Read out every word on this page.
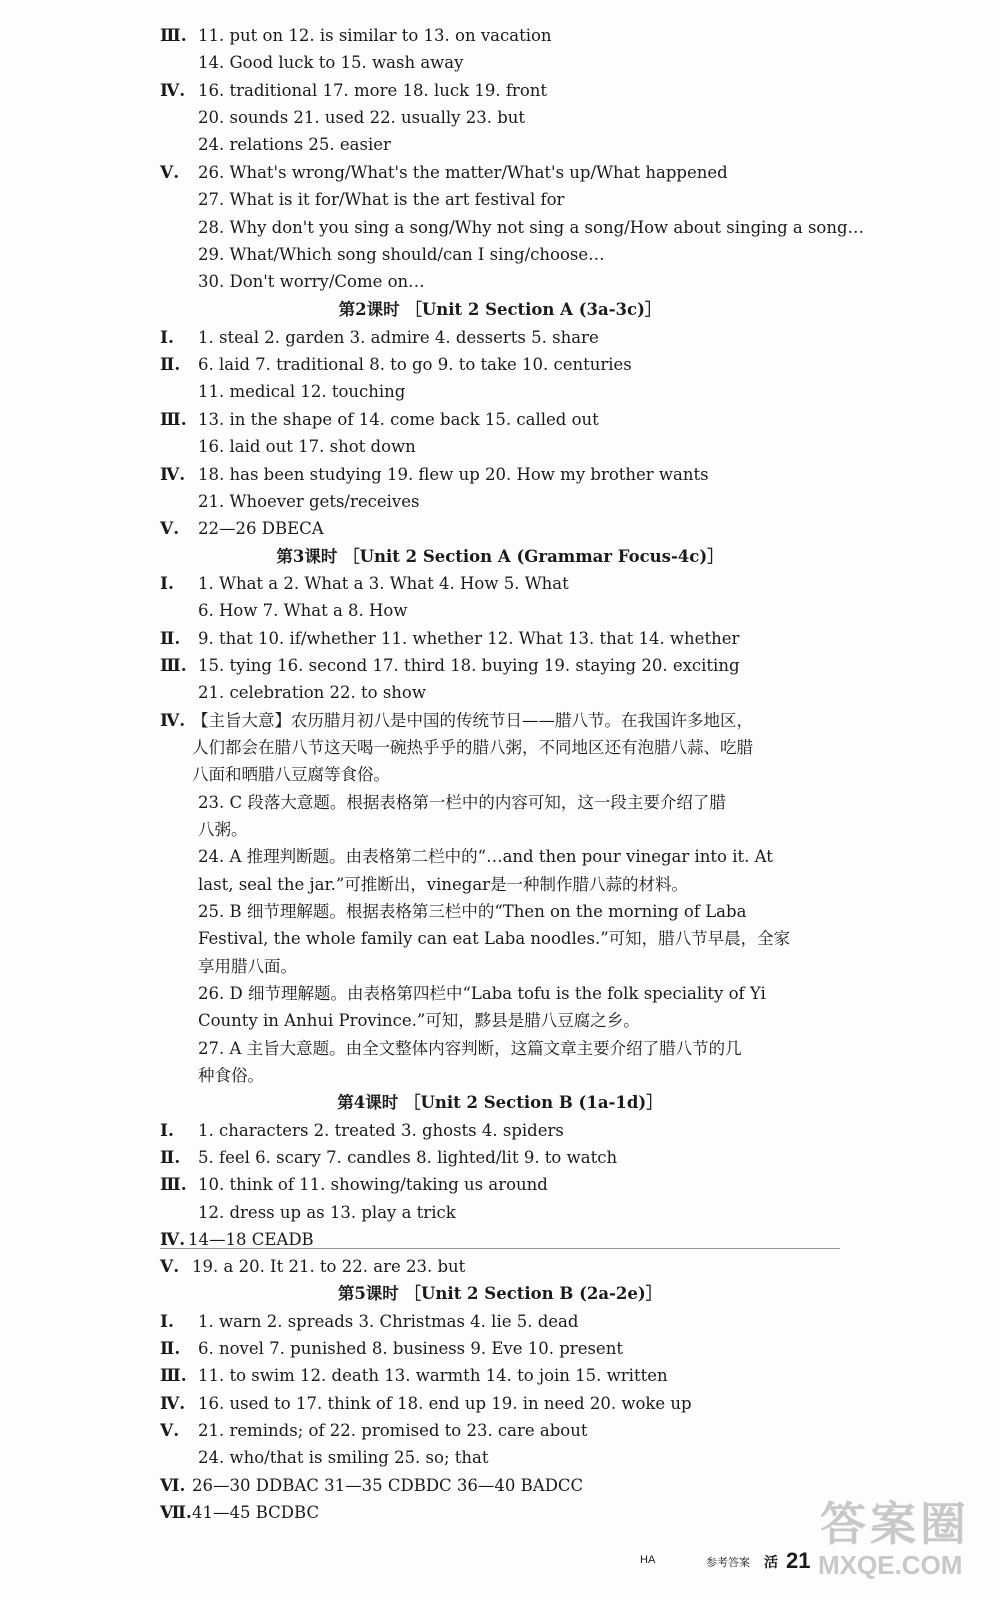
Ⅲ. 11. put on 12. is similar to 13. on vacation
14. Good luck to 15. wash away
Ⅳ. 16. traditional 17. more 18. luck 19. front
20. sounds 21. used 22. usually 23. but
24. relations 25. easier
Ⅴ.	26. What's wrong/What's the matter/What's up/What happened
27. What is it for/What is the art festival for
28. Why don't you sing a song/Why not sing a song/How about singing a song…
29. What/Which song should/can I sing/choose…
30. Don't worry/Come on…
第2课时 ［Unit 2 Section A (3a-3c)］
Ⅰ.	1. steal 2. garden 3. admire 4. desserts 5. share
Ⅱ.	6. laid 7. traditional 8. to go 9. to take 10. centuries
11. medical 12. touching
Ⅲ. 13. in the shape of 14. come back 15. called out
16. laid out 17. shot down
Ⅳ. 18. has been studying 19. flew up 20. How my brother wants
21. Whoever gets/receives
Ⅴ.	22—26 DBECA
第3课时 ［Unit 2 Section A (Grammar Focus-4c)］
Ⅰ.	1. What a 2. What a 3. What 4. How 5. What
6. How 7. What a 8. How
Ⅱ.	9. that 10. if/whether 11. whether 12. What 13. that 14. whether
Ⅲ. 15. tying 16. second 17. third 18. buying 19. staying 20. exciting
21. celebration 22. to show
Ⅳ. 【主旨大意】农历腊月初八是中国的传统节日——腊八节。在我国许多地区，
人们都会在腊八节这天喝一碗热乎乎的腊八粥，不同地区还有泡腊八蒜、吃腊
八面和晒腊八豆腐等食俗。
23. C 段落大意题。根据表格第一栏中的内容可知，这一段主要介绍了腊
八粥。
24. A 推理判断题。由表格第二栏中的“…and then pour vinegar into it. At
last, seal the jar.”可推断出，vinegar是一种制作腊八蒜的材料。
25. B 细节理解题。根据表格第三栏中的“Then on the morning of Laba
Festival, the whole family can eat Laba noodles.”可知，腊八节早晨，全家
享用腊八面。
26. D 细节理解题。由表格第四栏中“Laba tofu is the folk speciality of Yi
County in Anhui Province.”可知，黟县是腊八豆腐之乡。
27. A 主旨大意题。由全文整体内容判断，这篇文章主要介绍了腊八节的几
种食俗。
第4课时 ［Unit 2 Section B (1a-1d)］
Ⅰ.	1. characters 2. treated 3. ghosts 4. spiders
Ⅱ.	5. feel 6. scary 7. candles 8. lighted/lit 9. to watch
Ⅲ. 10. think of 11. showing/taking us around
12. dress up as 13. play a trick
Ⅳ. 14—18 CEADB
Ⅴ. 19. a 20. It 21. to 22. are 23. but
第5课时 ［Unit 2 Section B (2a-2e)］
Ⅰ.	1. warn 2. spreads 3. Christmas 4. lie 5. dead
Ⅱ.	6. novel 7. punished 8. business 9. Eve 10. present
Ⅲ. 11. to swim 12. death 13. warmth 14. to join 15. written
Ⅳ. 16. used to 17. think of 18. end up 19. in need 20. woke up
Ⅴ.	21. reminds; of 22. promised to 23. care about
24. who/that is smiling 25. so; that
Ⅵ. 26—30 DDBAC 31—35 CDBDC 36—40 BADCC
Ⅶ. 41—45 BCDBC	答案圈
MXQE.COM
HA	参考答案 活 21
